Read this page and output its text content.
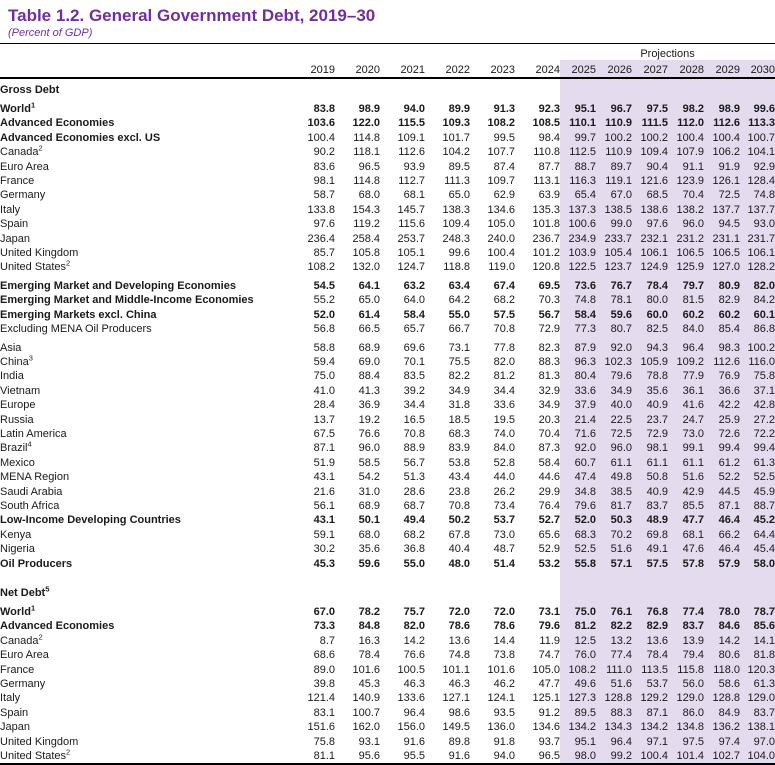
Table 1.2. General Government Debt, 2019–30
(Percent of GDP)
							Projections					
	2019	2020	2021	2022	2023	2024	2025	2026	2027	2028	2029	2030
Gross Debt												
World$^1$	83.8	98.9	94.0	89.9	91.3	92.3	95.1	96.7	97.5	98.2	98.9	99.6
Advanced Economies	103.6	122.0	115.5	109.3	108.2	108.5	110.1	110.9	111.5	112.0	112.6	113.3
Advanced Economies excl. US	100.4	114.8	109.1	101.7	99.5	98.4	99.7	100.2	100.2	100.4	100.4	100.7
Canada$^2$	90.2	118.1	112.6	104.2	107.7	110.8	112.5	110.9	109.4	107.9	106.2	104.1
Euro Area	83.6	96.5	93.9	89.5	87.4	87.7	88.7	89.7	90.4	91.1	91.9	92.9
France	98.1	114.8	112.7	111.3	109.7	113.1	116.3	119.1	121.6	123.9	126.1	128.4
Germany	58.7	68.0	68.1	65.0	62.9	63.9	65.4	67.0	68.5	70.4	72.5	74.8
Italy	133.8	154.3	145.7	138.3	134.6	135.3	137.3	138.5	138.6	138.2	137.7	137.7
Spain	97.6	119.2	115.6	109.4	105.0	101.8	100.6	99.0	97.6	96.0	94.5	93.0
Japan	236.4	258.4	253.7	248.3	240.0	236.7	234.9	233.7	232.1	231.2	231.1	231.7
United Kingdom	85.7	105.8	105.1	99.6	100.4	101.2	103.9	105.4	106.1	106.5	106.5	106.1
United States$^2$	108.2	132.0	124.7	118.8	119.0	120.8	122.5	123.7	124.9	125.9	127.0	128.2
Emerging Market and Developing Economies	54.5	64.1	63.2	63.4	67.4	69.5	73.6	76.7	78.4	79.7	80.9	82.0
Emerging Market and Middle-Income Economies	55.2	65.0	64.0	64.2	68.2	70.3	74.8	78.1	80.0	81.5	82.9	84.2
Emerging Markets excl. China	52.0	61.4	58.4	55.0	57.5	56.7	58.4	59.6	60.0	60.2	60.2	60.1
Excluding MENA Oil Producers	56.8	66.5	65.7	66.7	70.8	72.9	77.3	80.7	82.5	84.0	85.4	86.8
Asia	58.8	68.9	69.6	73.1	77.8	82.3	87.9	92.0	94.3	96.4	98.3	100.2
China$^3$	59.4	69.0	70.1	75.5	82.0	88.3	96.3	102.3	105.9	109.2	112.6	116.0
India	75.0	88.4	83.5	82.2	81.2	81.3	80.4	79.6	78.8	77.9	76.9	75.8
Vietnam	41.0	41.3	39.2	34.9	34.4	32.9	33.6	34.9	35.6	36.1	36.6	37.1
Europe	28.4	36.9	34.4	31.8	33.6	34.9	37.9	40.0	40.9	41.6	42.2	42.8
Russia	13.7	19.2	16.5	18.5	19.5	20.3	21.4	22.5	23.7	24.7	25.9	27.2
Latin America	67.5	76.6	70.8	68.3	74.0	70.4	71.6	72.5	72.9	73.0	72.6	72.2
Brazil$^4$	87.1	96.0	88.9	83.9	84.0	87.3	92.0	96.0	98.1	99.1	99.4	99.4
Mexico	51.9	58.5	56.7	53.8	52.8	58.4	60.7	61.1	61.1	61.1	61.2	61.3
MENA Region	43.1	54.2	51.3	43.4	44.0	44.6	47.4	49.8	50.8	51.6	52.2	52.5
Saudi Arabia	21.6	31.0	28.6	23.8	26.2	29.9	34.8	38.5	40.9	42.9	44.5	45.9
South Africa	56.1	68.9	68.7	70.8	73.4	76.4	79.6	81.7	83.7	85.5	87.1	88.7
Low-Income Developing Countries	43.1	50.1	49.4	50.2	53.7	52.7	52.0	50.3	48.9	47.7	46.4	45.2
Kenya	59.1	68.0	68.2	67.8	73.0	65.6	68.3	70.2	69.8	68.1	66.2	64.4
Nigeria	30.2	35.6	36.8	40.4	48.7	52.9	52.5	51.6	49.1	47.6	46.4	45.4
Oil Producers	45.3	59.6	55.0	48.0	51.4	53.2	55.8	57.1	57.5	57.8	57.9	58.0

Net Debt$^5$												
World$^1$	67.0	78.2	75.7	72.0	72.0	73.1	75.0	76.1	76.8	77.4	78.0	78.7
Advanced Economies	73.3	84.8	82.0	78.6	78.6	79.6	81.2	82.2	82.9	83.7	84.6	85.6
Canada$^2$	8.7	16.3	14.2	13.6	14.4	11.9	12.5	13.2	13.6	13.9	14.2	14.1
Euro Area	68.6	78.4	76.6	74.8	73.8	74.7	76.0	77.4	78.4	79.4	80.6	81.8
France	89.0	101.6	100.5	101.1	101.6	105.0	108.2	111.0	113.5	115.8	118.0	120.3
Germany	39.8	45.3	46.3	46.3	46.2	47.7	49.6	51.6	53.7	56.0	58.6	61.3
Italy	121.4	140.9	133.6	127.1	124.1	125.1	127.3	128.8	129.2	129.0	128.8	129.0
Spain	83.1	100.7	96.4	98.6	93.5	91.2	89.5	88.3	87.1	86.0	84.9	83.7
Japan	151.6	162.0	156.0	149.5	136.0	134.6	134.2	134.3	134.2	134.8	136.2	138.1
United Kingdom	75.8	93.1	91.6	89.8	91.8	93.7	95.1	96.4	97.1	97.5	97.4	97.0
United States$^2$	81.1	95.6	95.5	91.6	94.0	96.5	98.0	99.2	100.4	101.4	102.7	104.0
